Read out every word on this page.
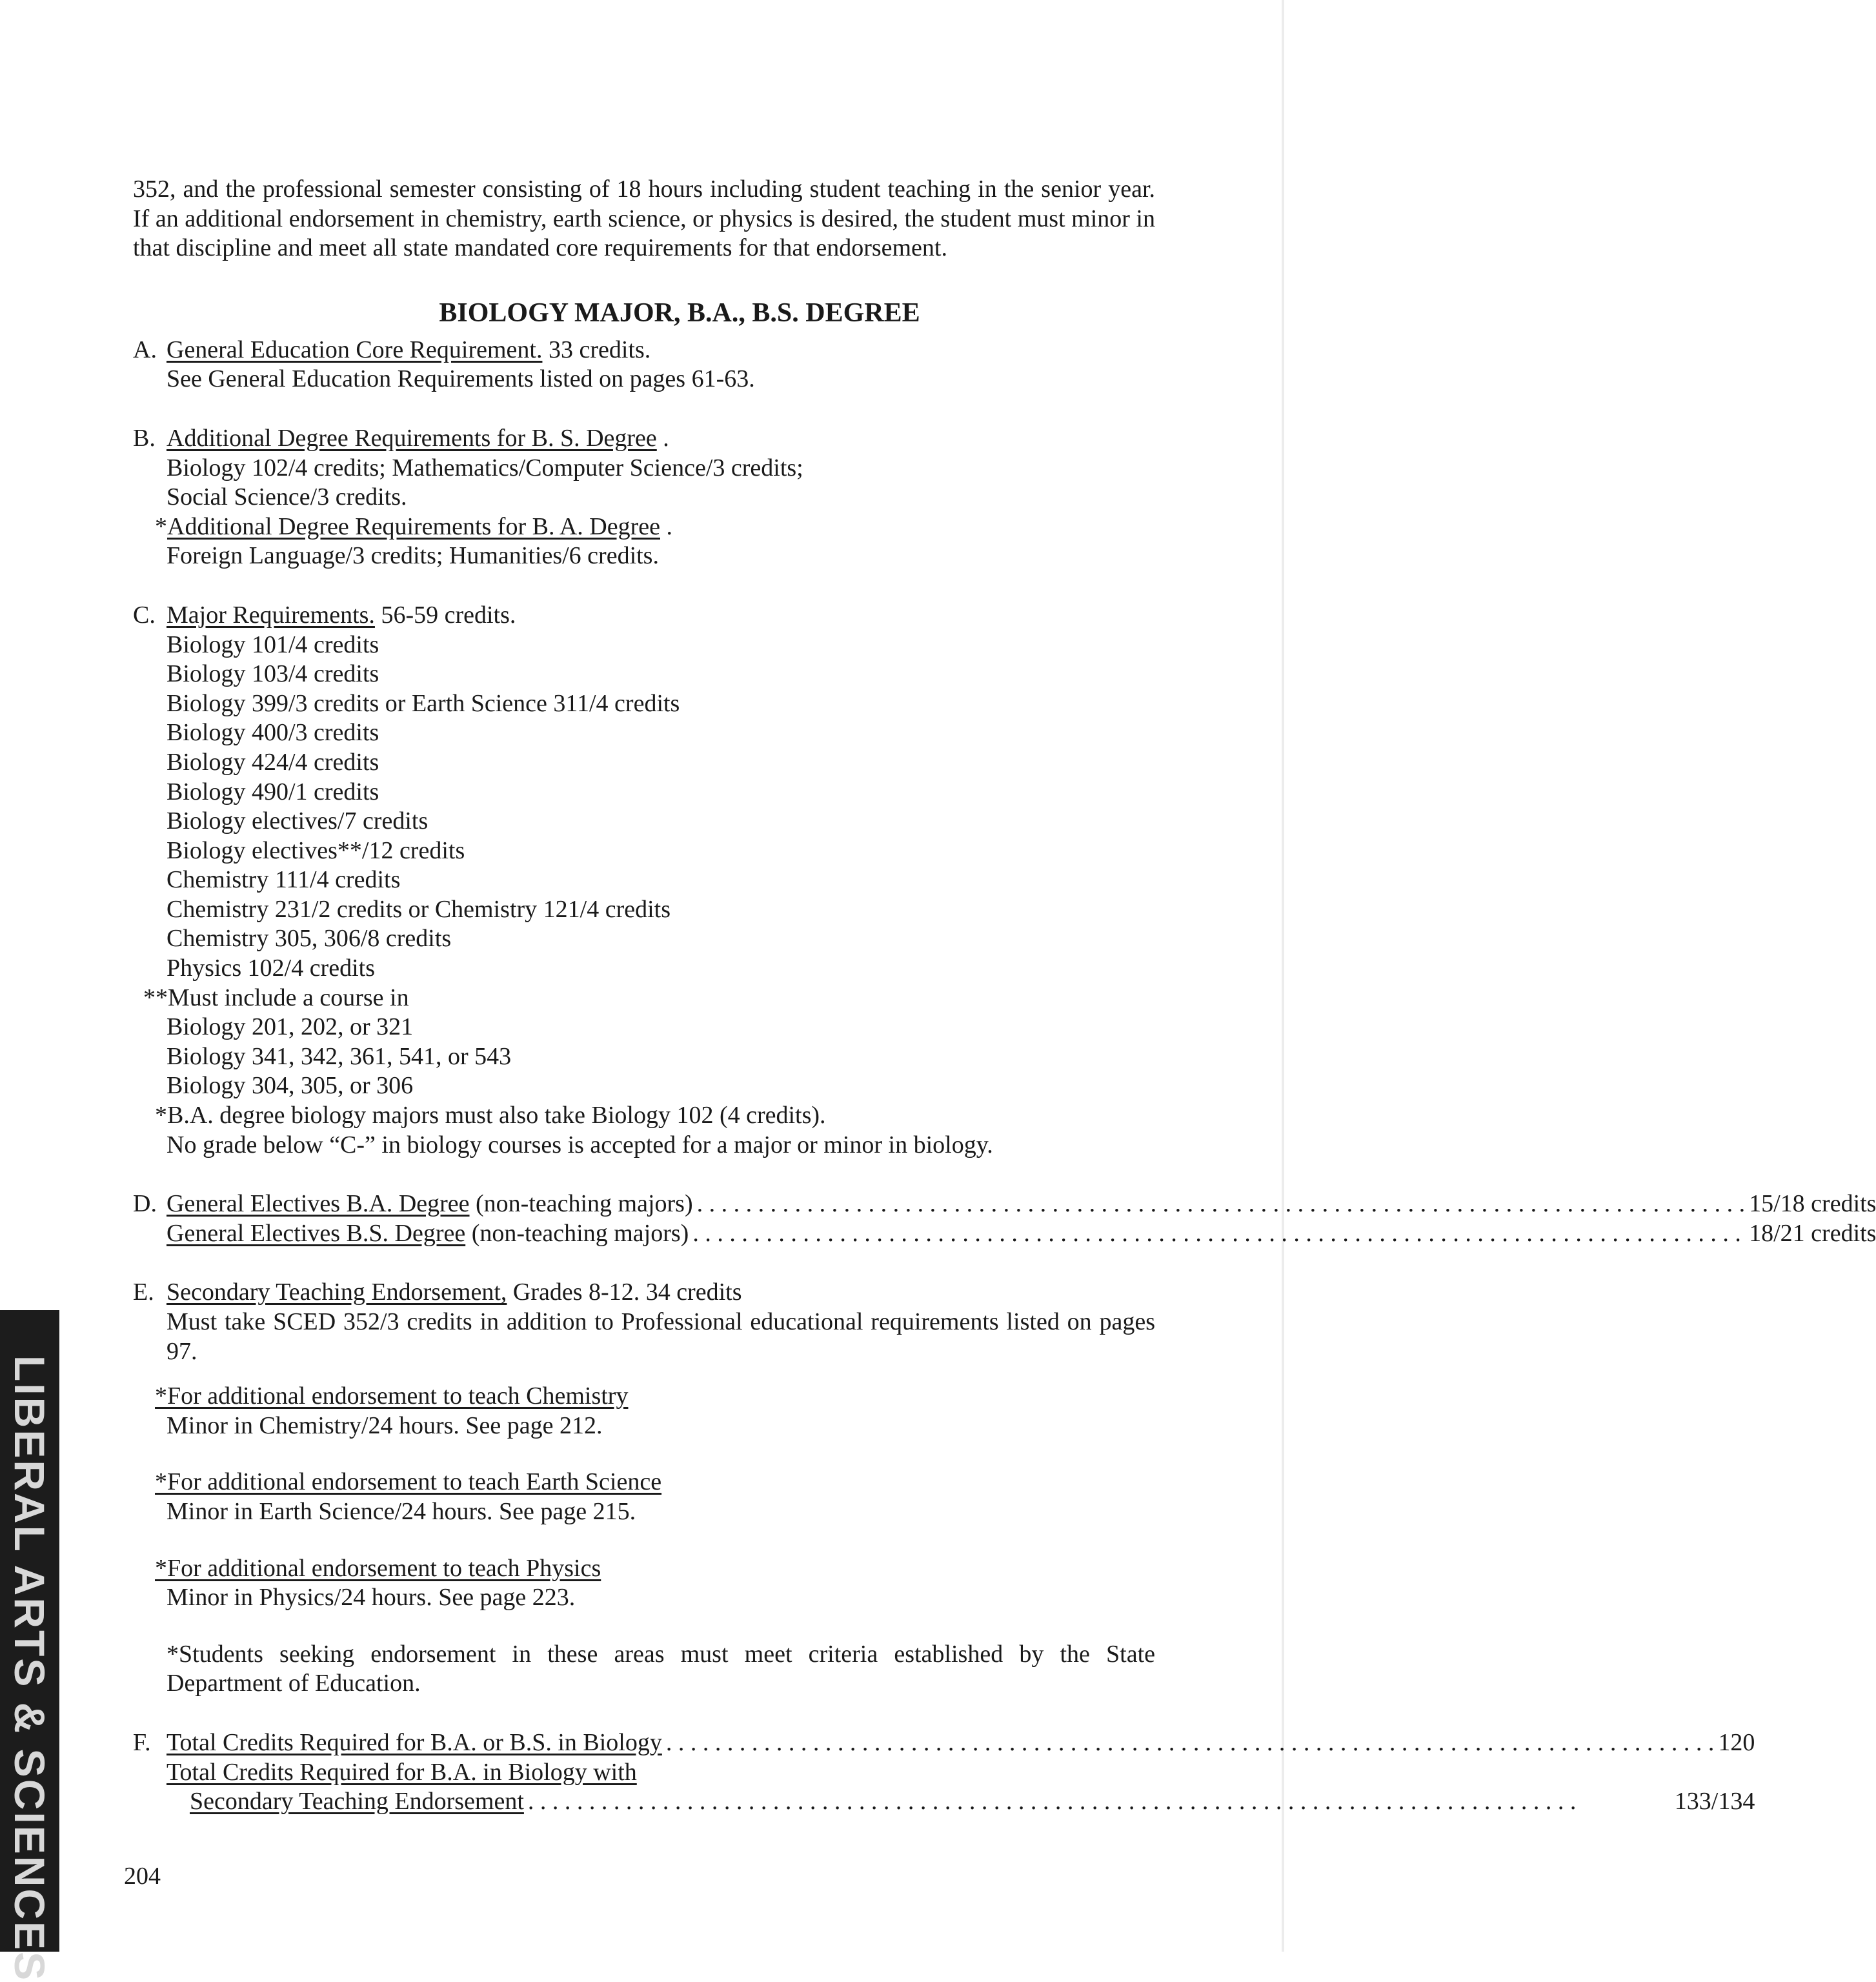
LIBERAL ARTS & SCIENCES

352, and the professional semester consisting of 18 hours including student teaching in the senior year. If an additional endorsement in chemistry, earth science, or physics is desired, the student must minor in that discipline and meet all state mandated core requirements for that endorsement.

BIOLOGY MAJOR, B.A., B.S. DEGREE
A. General Education Core Requirement. 33 credits.

See General Education Requirements listed on pages 61-63.

B. Additional Degree Requirements for B. S. Degree .

Biology 102/4 credits; Mathematics/Computer Science/3 credits;

Social Science/3 credits.

*Additional Degree Requirements for B. A. Degree .

Foreign Language/3 credits; Humanities/6 credits.

C. Major Requirements. 56-59 credits.

Biology 101/4 credits

Biology 103/4 credits

Biology 399/3 credits or Earth Science 311/4 credits

Biology 400/3 credits

Biology 424/4 credits

Biology 490/1 credits

Biology electives/7 credits

Biology electives**/12 credits

Chemistry 111/4 credits

Chemistry 231/2 credits or Chemistry 121/4 credits

Chemistry 305, 306/8 credits

Physics 102/4 credits

**Must include a course in

Biology 201, 202, or 321

Biology 341, 342, 361, 541, or 543

Biology 304, 305, or 306

*B.A. degree biology majors must also take Biology 102 (4 credits).

No grade below “C-” in biology courses is accepted for a major or minor in biology.

D. General Electives B.A. Degree (non-teaching majors) . . .	15/18 credits
General Electives B.S. Degree (non-teaching majors) . . .	18/21 credits
E. Secondary Teaching Endorsement, Grades 8-12. 34 credits

Must take SCED 352/3 credits in addition to Professional educational requirements listed on pages 97.

*For additional endorsement to teach Chemistry

Minor in Chemistry/24 hours. See page 212.

*For additional endorsement to teach Earth Science

Minor in Earth Science/24 hours. See page 215.

*For additional endorsement to teach Physics

Minor in Physics/24 hours. See page 223.

*Students seeking endorsement in these areas must meet criteria established by the State Department of Education.

F. Total Credits Required for B.A. or B.S. in Biology . . .	120

Total Credits Required for B.A. in Biology with

Secondary Teaching Endorsement . . .	133/134
204
